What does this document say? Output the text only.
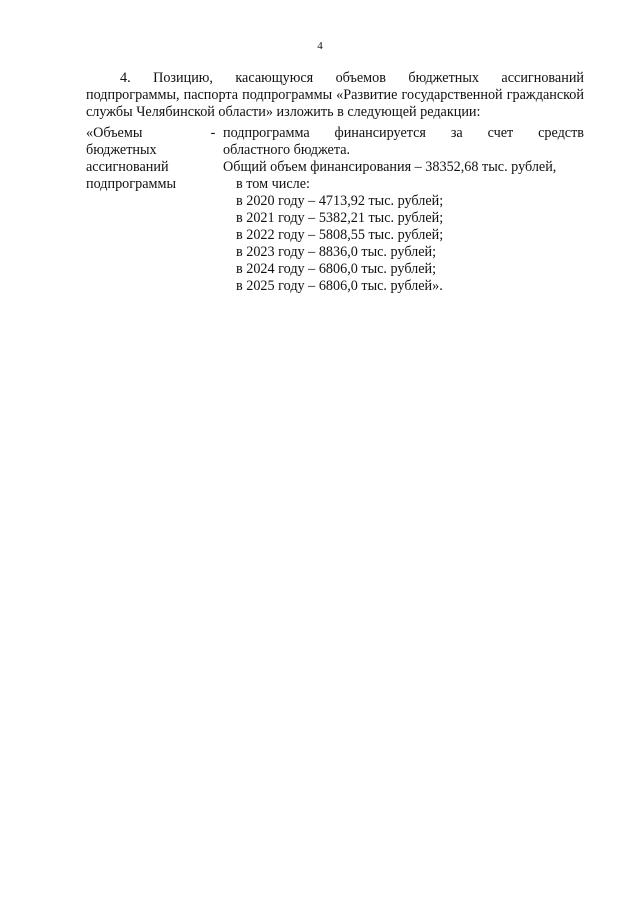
4
4. Позицию, касающуюся объемов бюджетных ассигнований подпрограммы, паспорта подпрограммы «Развитие государственной гражданской службы Челябинской области» изложить в следующей редакции:
«Объемы
бюджетных
ассигнований
подпрограммы
- подпрограмма финансируется за счет средств
областного бюджета.
Общий объем финансирования – 38352,68 тыс. рублей,
в том числе:
в 2020 году – 4713,92 тыс. рублей;
в 2021 году – 5382,21 тыс. рублей;
в 2022 году – 5808,55 тыс. рублей;
в 2023 году – 8836,0 тыс. рублей;
в 2024 году – 6806,0 тыс. рублей;
в 2025 году – 6806,0 тыс. рублей».
